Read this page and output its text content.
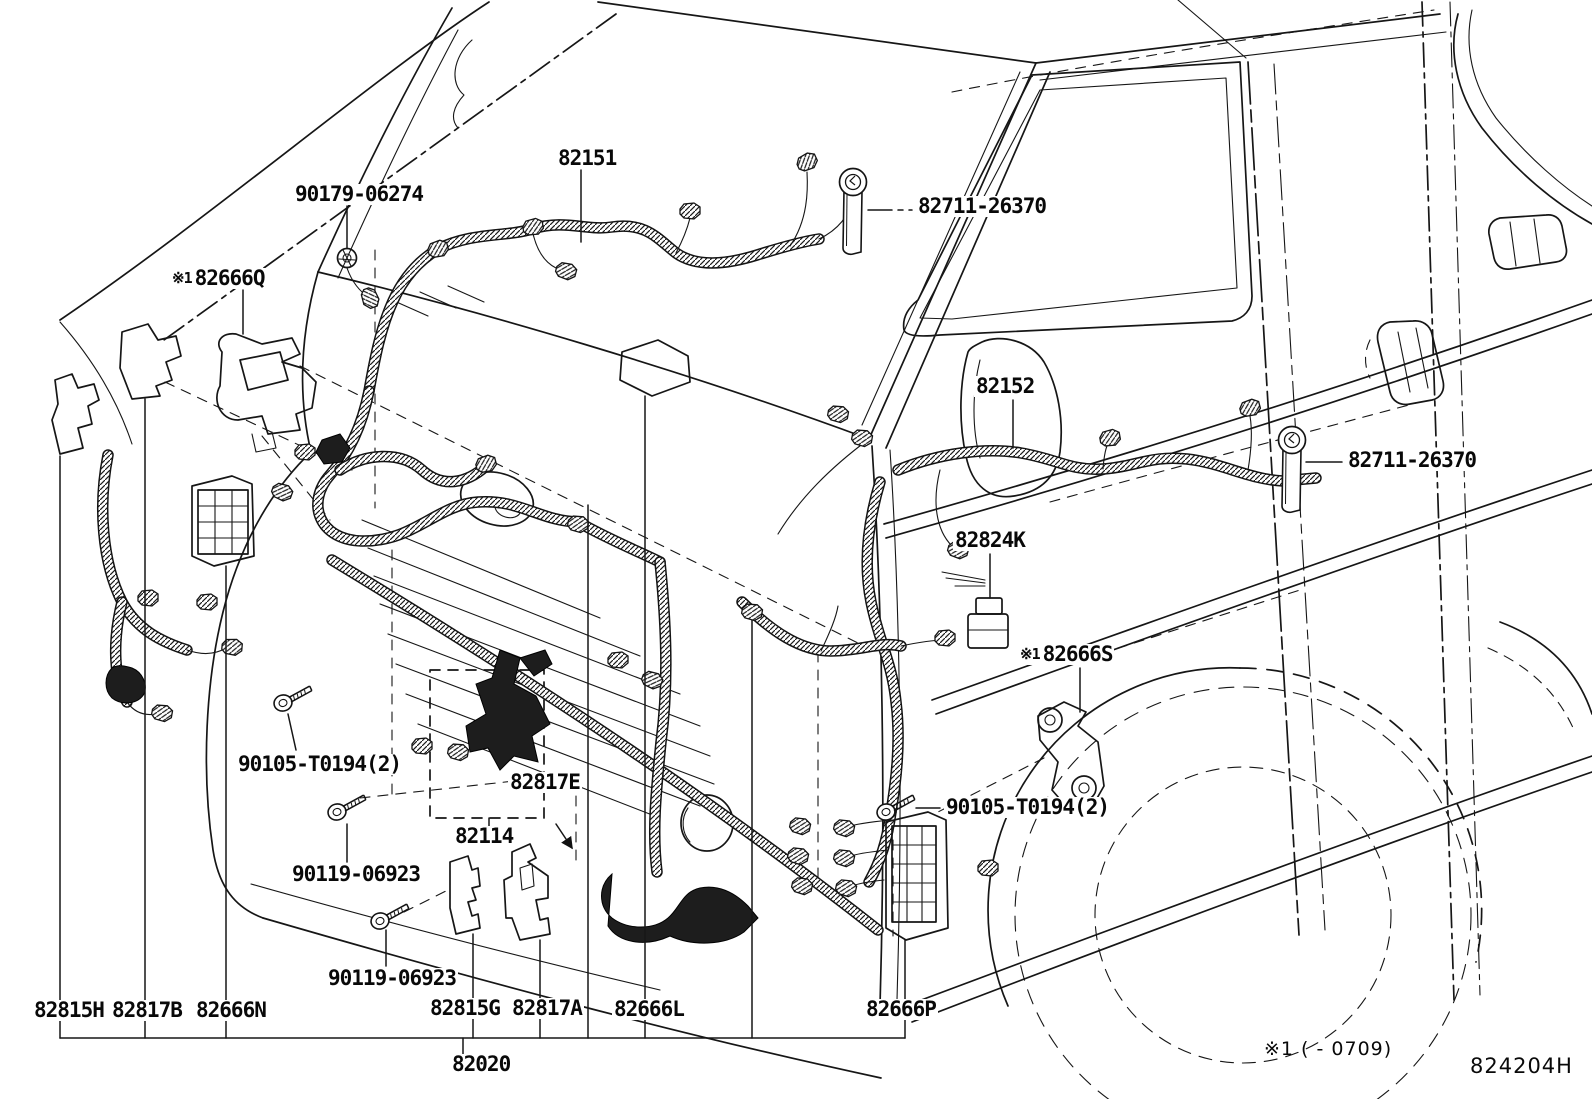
90179-06274
82151
82711-26370
※1 82666Q
82152
82711-26370
82824K
※1 82666S
90105-T0194(2)
82817E
82114
90119-06923
90105-T0194(2)
90119-06923
82815H 82817B 82666N	82815G 82817A 82666L	82666P
82020
※1 ( - 0709)
824204H
